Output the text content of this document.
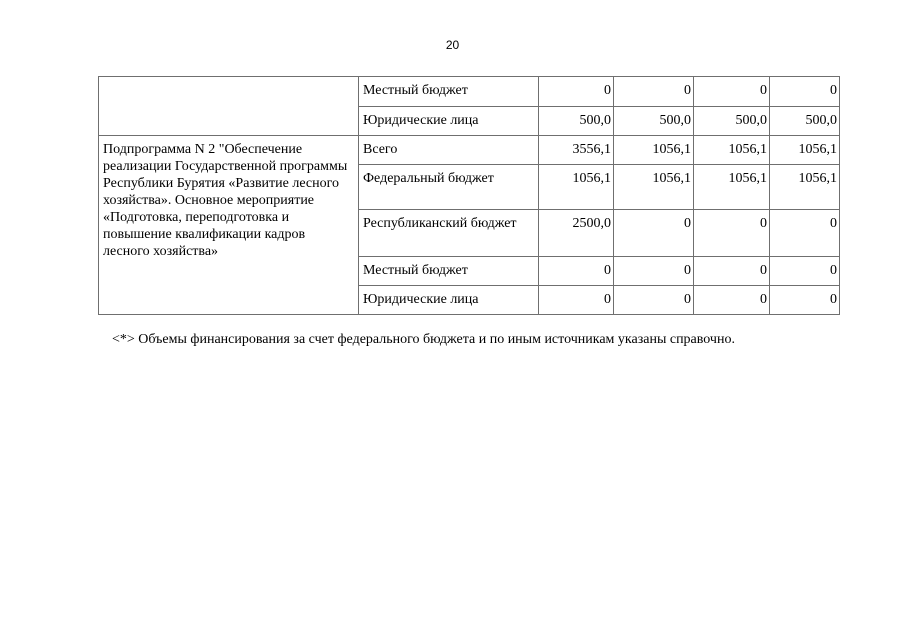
20
	Местный бюджет	0	0	0	0
	Юридические лица	500,0	500,0	500,0	500,0
Подпрограмма N 2 "Обеспечение реализации Государственной программы Республики Бурятия «Развитие лесного хозяйства». Основное мероприятие «Подготовка, переподготовка и повышение квалификации кадров лесного хозяйства»	Всего	3556,1	1056,1	1056,1	1056,1
	Федеральный бюджет	1056,1	1056,1	1056,1	1056,1
	Республиканский бюджет	2500,0	0	0	0
	Местный бюджет	0	0	0	0
	Юридические лица	0	0	0	0
<*> Объемы финансирования за счет федерального бюджета и по иным источникам указаны справочно.
